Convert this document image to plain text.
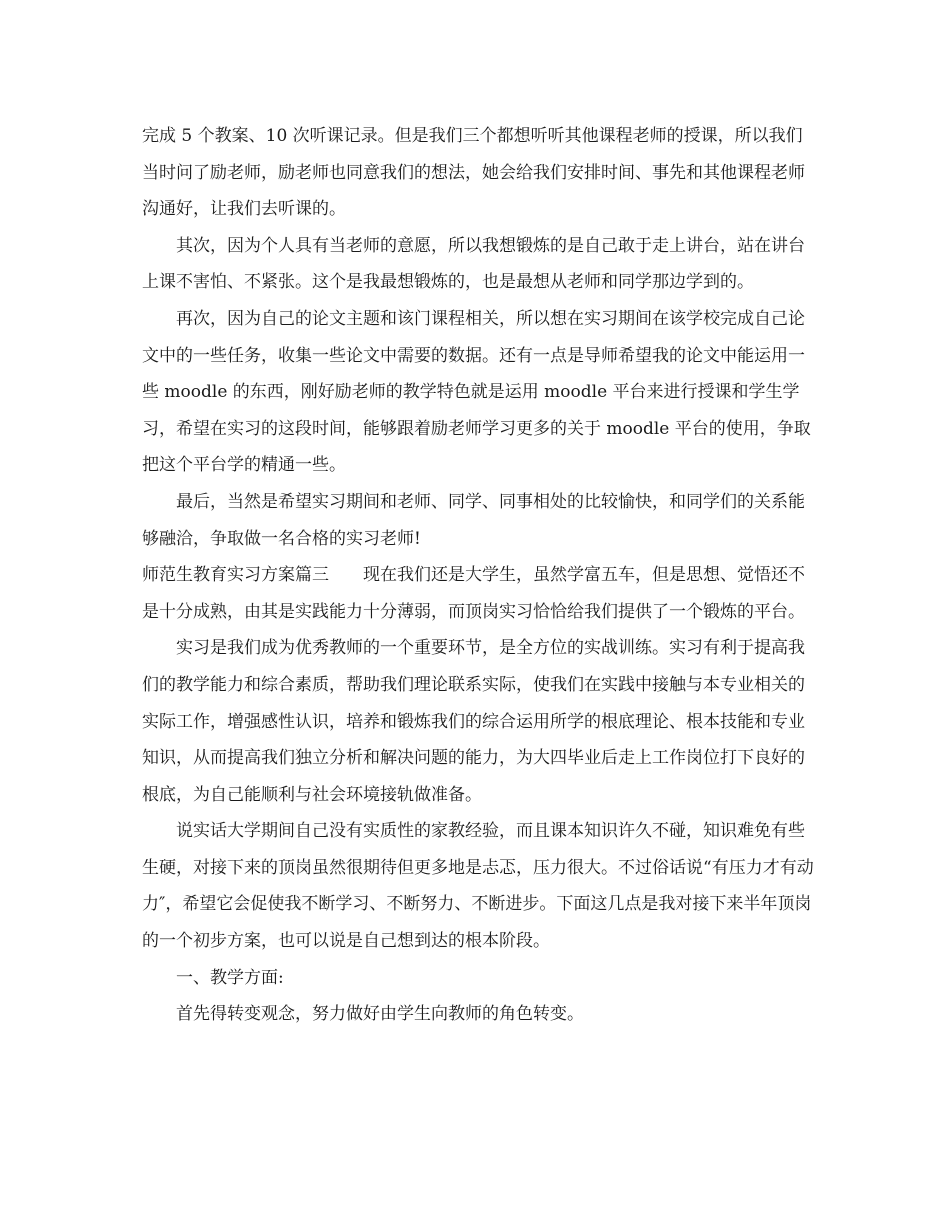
完成 5 个教案、10 次听课记录。但是我们三个都想听听其他课程老师的授课，所以我们当时问了励老师，励老师也同意我们的想法，她会给我们安排时间、事先和其他课程老师沟通好，让我们去听课的。

其次，因为个人具有当老师的意愿，所以我想锻炼的是自己敢于走上讲台，站在讲台上课不害怕、不紧张。这个是我最想锻炼的，也是最想从老师和同学那边学到的。

再次，因为自己的论文主题和该门课程相关，所以想在实习期间在该学校完成自己论文中的一些任务，收集一些论文中需要的数据。还有一点是导师希望我的论文中能运用一些 moodle 的东西，刚好励老师的教学特色就是运用 moodle 平台来进行授课和学生学习，希望在实习的这段时间，能够跟着励老师学习更多的关于 moodle 平台的使用，争取把这个平台学的精通一些。

最后，当然是希望实习期间和老师、同学、同事相处的比较愉快，和同学们的关系能够融洽，争取做一名合格的实习老师!

师范生教育实习方案篇三　　现在我们还是大学生，虽然学富五车，但是思想、觉悟还不是十分成熟，由其是实践能力十分薄弱，而顶岗实习恰恰给我们提供了一个锻炼的平台。

实习是我们成为优秀教师的一个重要环节，是全方位的实战训练。实习有利于提高我们的教学能力和综合素质，帮助我们理论联系实际，使我们在实践中接触与本专业相关的实际工作，增强感性认识，培养和锻炼我们的综合运用所学的根底理论、根本技能和专业知识，从而提高我们独立分析和解决问题的能力，为大四毕业后走上工作岗位打下良好的根底，为自己能顺利与社会环境接轨做准备。

说实话大学期间自己没有实质性的家教经验，而且课本知识许久不碰，知识难免有些生硬，对接下来的顶岗虽然很期待但更多地是忐忑，压力很大。不过俗话说“有压力才有动力″，希望它会促使我不断学习、不断努力、不断进步。下面这几点是我对接下来半年顶岗的一个初步方案，也可以说是自己想到达的根本阶段。

一、教学方面:

首先得转变观念，努力做好由学生向教师的角色转变。
